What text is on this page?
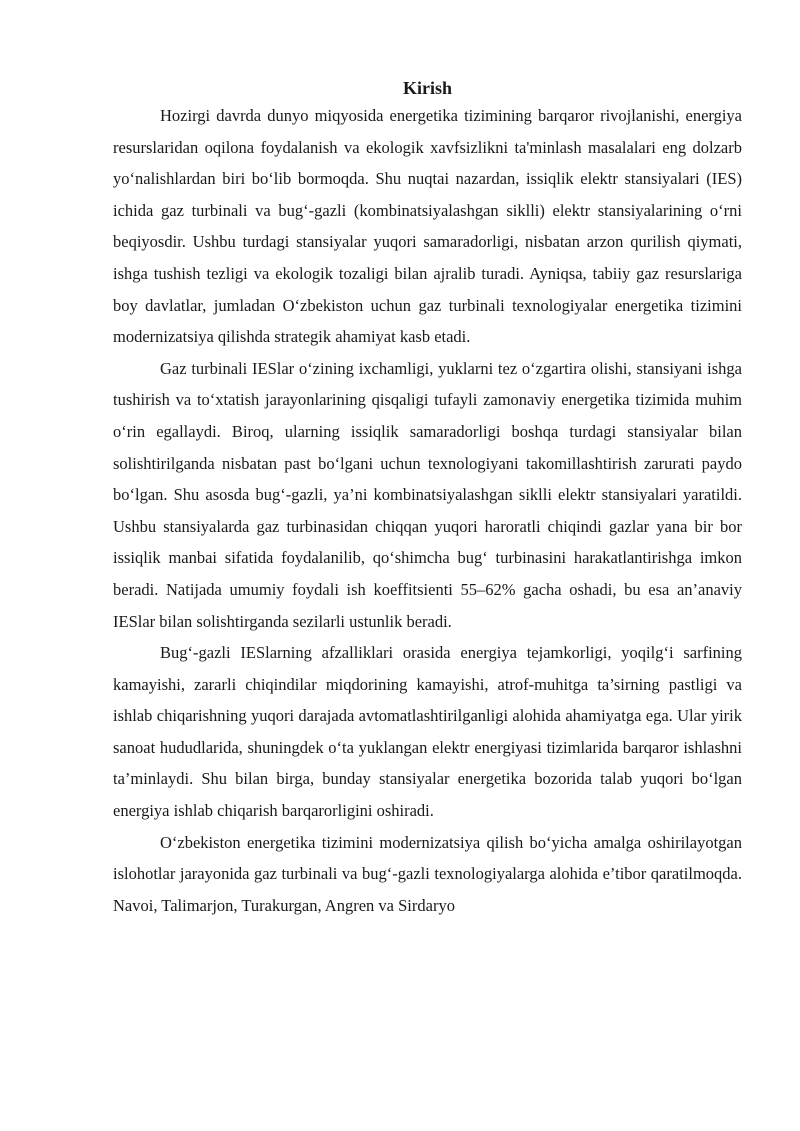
Kirish

Hozirgi davrda dunyo miqyosida energetika tizimining barqaror rivojlanishi, energiya resurslaridan oqilona foydalanish va ekologik xavfsizlikni ta'minlash masalalari eng dolzarb yo‘nalishlardan biri bo‘lib bormoqda. Shu nuqtai nazardan, issiqlik elektr stansiyalari (IES) ichida gaz turbinali va bug‘-gazli (kombinatsiyalashgan siklli) elektr stansiyalarining o‘rni beqiyosdir. Ushbu turdagi stansiyalar yuqori samaradorligi, nisbatan arzon qurilish qiymati, ishga tushish tezligi va ekologik tozaligi bilan ajralib turadi. Ayniqsa, tabiiy gaz resurslariga boy davlatlar, jumladan O‘zbekiston uchun gaz turbinali texnologiyalar energetika tizimini modernizatsiya qilishda strategik ahamiyat kasb etadi.

Gaz turbinali IESlar o‘zining ixchamligi, yuklarni tez o‘zgartira olishi, stansiyani ishga tushirish va to‘xtatish jarayonlarining qisqaligi tufayli zamonaviy energetika tizimida muhim o‘rin egallaydi. Biroq, ularning issiqlik samaradorligi boshqa turdagi stansiyalar bilan solishtirilganda nisbatan past bo‘lgani uchun texnologiyani takomillashtirish zarurati paydo bo‘lgan. Shu asosda bug‘-gazli, ya’ni kombinatsiyalashgan siklli elektr stansiyalari yaratildi. Ushbu stansiyalarda gaz turbinasidan chiqqan yuqori haroratli chiqindi gazlar yana bir bor issiqlik manbai sifatida foydalanilib, qo‘shimcha bug‘ turbinasini harakatlantirishga imkon beradi. Natijada umumiy foydali ish koeffitsienti 55–62% gacha oshadi, bu esa an’anaviy IESlar bilan solishtirganda sezilarli ustunlik beradi.

Bug‘-gazli IESlarning afzalliklari orasida energiya tejamkorligi, yoqilg‘i sarfining kamayishi, zararli chiqindilar miqdorining kamayishi, atrof-muhitga ta’sirning pastligi va ishlab chiqarishning yuqori darajada avtomatlashtirilganligi alohida ahamiyatga ega. Ular yirik sanoat hududlarida, shuningdek o‘ta yuklangan elektr energiyasi tizimlarida barqaror ishlashni ta’minlaydi. Shu bilan birga, bunday stansiyalar energetika bozorida talab yuqori bo‘lgan energiya ishlab chiqarish barqarorligini oshiradi.

O‘zbekiston energetika tizimini modernizatsiya qilish bo‘yicha amalga oshirilayotgan islohotlar jarayonida gaz turbinali va bug‘-gazli texnologiyalarga alohida e’tibor qaratilmoqda. Navoi, Talimarjon, Turakurgan, Angren va Sirdaryo
